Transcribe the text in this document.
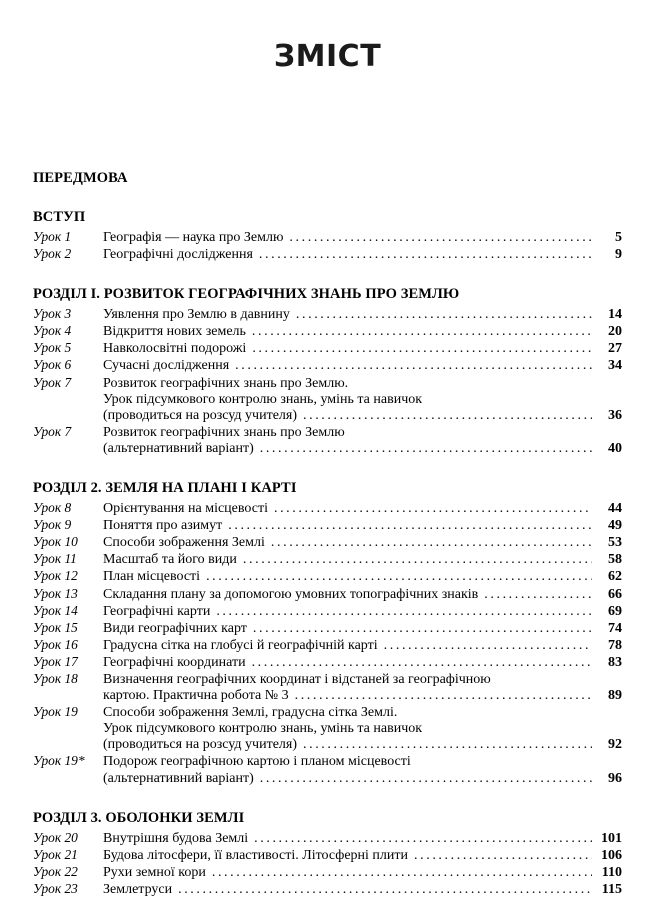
ЗМІСТ
ПЕРЕДМОВА
ВСТУП
Урок 1	Географія — наука про Землю .....	5
Урок 2	Географічні дослідження .....	9
РОЗДІЛ І. РОЗВИТОК ГЕОГРАФІЧНИХ ЗНАНЬ ПРО ЗЕМЛЮ
Урок 3	Уявлення про Землю в давнину .....	14
Урок 4	Відкриття нових земель .....	20
Урок 5	Навколосвітні подорожі .....	27
Урок 6	Сучасні дослідження .....	34
Урок 7	Розвиток географічних знань про Землю.
Урок підсумкового контролю знань, умінь та навичок
(проводиться на розсуд учителя) .....	36
Урок 7	Розвиток географічних знань про Землю
(альтернативний варіант) .....	40
РОЗДІЛ 2. ЗЕМЛЯ НА ПЛАНІ І КАРТІ
Урок 8	Орієнтування на місцевості .....	44
Урок 9	Поняття про азимут .....	49
Урок 10	Способи зображення Землі .....	53
Урок 11	Масштаб та його види .....	58
Урок 12	План місцевості .....	62
Урок 13	Складання плану за допомогою умовних топографічних знаків .....	66
Урок 14	Географічні карти .....	69
Урок 15	Види географічних карт .....	74
Урок 16	Градусна сітка на глобусі й географічній карті .....	78
Урок 17	Географічні координати .....	83
Урок 18	Визначення географічних координат і відстаней за географічною
картою. Практична робота № 3 .....	89
Урок 19	Способи зображення Землі, градусна сітка Землі.
Урок підсумкового контролю знань, умінь та навичок
(проводиться на розсуд учителя) .....	92
Урок 19*	Подорож географічною картою і планом місцевості
(альтернативний варіант) .....	96
РОЗДІЛ 3. ОБОЛОНКИ ЗЕМЛІ
Урок 20	Внутрішня будова Землі .....	101
Урок 21	Будова літосфери, її властивості. Літосферні плити .....	106
Урок 22	Рухи земної кори .....	110
Урок 23	Землетруси .....	115
